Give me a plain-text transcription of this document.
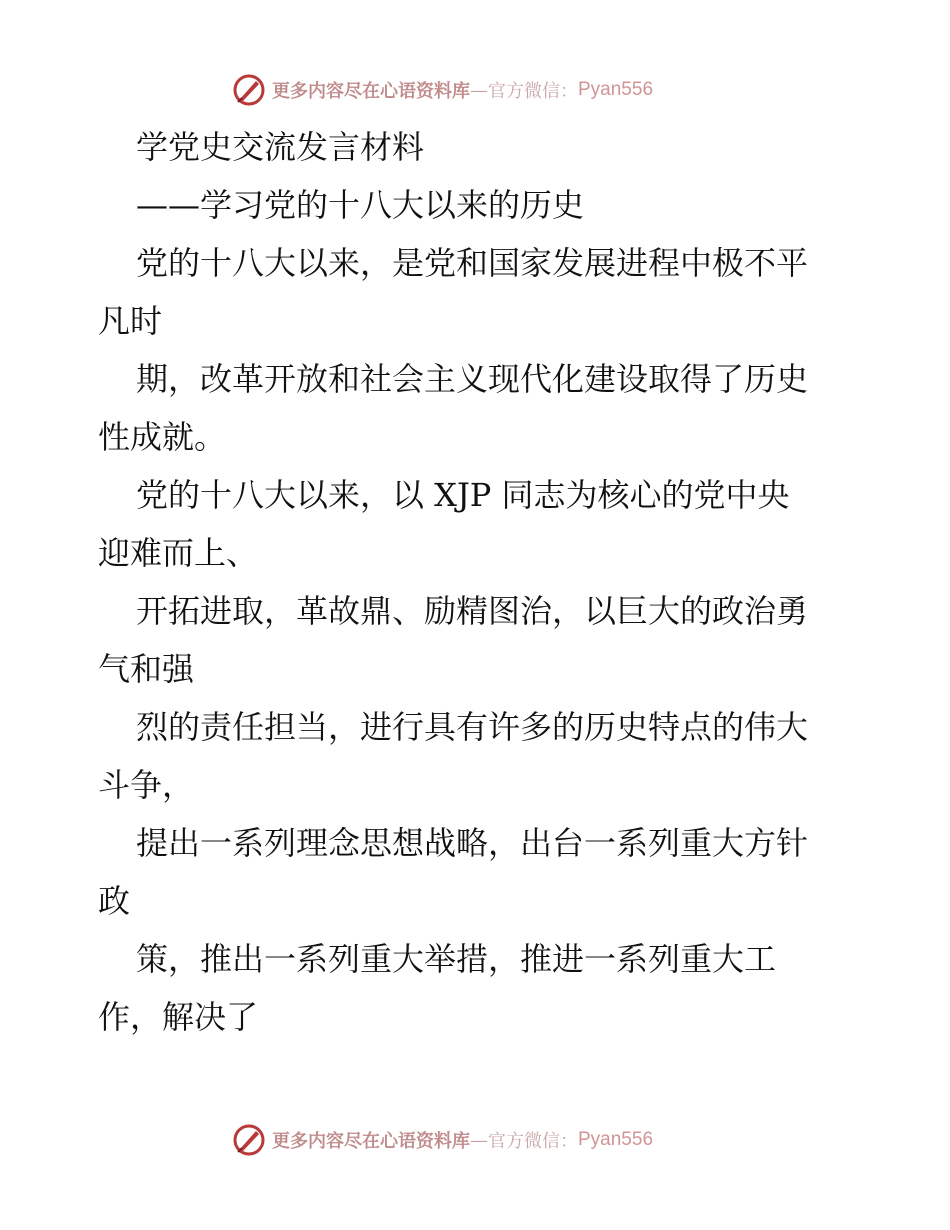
更多内容尽在心语资料库 — 官方微信： Pyan556
学党史交流发言材料
——学习党的十八大以来的历史
党的十八大以来，是党和国家发展进程中极不平
凡时
期，改革开放和社会主义现代化建设取得了历史
性成就。
党的十八大以来，以 XJP 同志为核心的党中央
迎难而上、
开拓进取，革故鼎、励精图治，以巨大的政治勇
气和强
烈的责任担当，进行具有许多的历史特点的伟大
斗争，
提出一系列理念思想战略，出台一系列重大方针
政
策，推出一系列重大举措，推进一系列重大工
作，解决了
更多内容尽在心语资料库 — 官方微信： Pyan556
